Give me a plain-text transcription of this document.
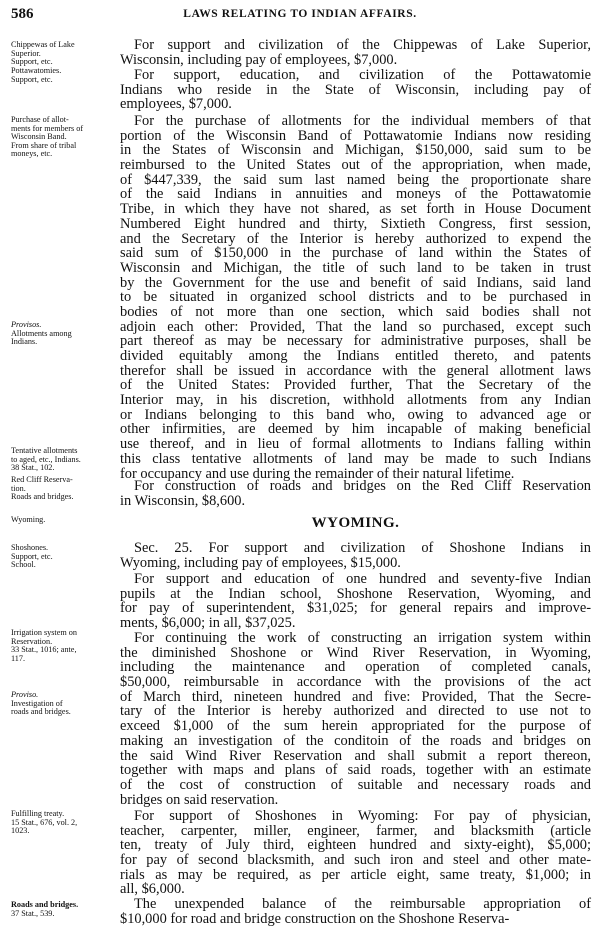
586	LAWS RELATING TO INDIAN AFFAIRS.
WYOMING.
Chippewas of Lake
Superior.
Support, etc.
Pottawatomies.
Support, etc.
Purchase of allot-
ments for members of
Wisconsin Band.
From share of tribal
moneys, etc.
Provisos.
Allotments among
Indians.
Tentative allotments
to aged, etc., Indians.
38 Stat., 102.
Red Cliff Reserva-
tion.
Roads and bridges.
Wyoming.
Shoshones.
Support, etc.
School.
Irrigation system on
Reservation.
33 Stat., 1016; ante,
117.
Proviso.
Investigation of
roads and bridges.
Fulfilling treaty.
15 Stat., 676, vol. 2,
1023.
Roads and bridges.
37 Stat., 539.
For support and civilization of the Chippewas of Lake Superior,
Wisconsin, including pay of employees, $7,000.
For support, education, and civilization of the Pottawatomie
Indians who reside in the State of Wisconsin, including pay of
employees, $7,000.
For the purchase of allotments for the individual members of that
portion of the Wisconsin Band of Pottawatomie Indians now residing
in the States of Wisconsin and Michigan, $150,000, said sum to be
reimbursed to the United States out of the appropriation, when made,
of $447,339, the said sum last named being the proportionate share
of the said Indians in annuities and moneys of the Pottawatomie
Tribe, in which they have not shared, as set forth in House Document
Numbered Eight hundred and thirty, Sixtieth Congress, first session,
and the Secretary of the Interior is hereby authorized to expend the
said sum of $150,000 in the purchase of land within the States of
Wisconsin and Michigan, the title of such land to be taken in trust
by the Government for the use and benefit of said Indians, said land
to be situated in organized school districts and to be purchased in
bodies of not more than one section, which said bodies shall not
adjoin each other: Provided, That the land so purchased, except such
part thereof as may be necessary for administrative purposes, shall be
divided equitably among the Indians entitled thereto, and patents
therefor shall be issued in accordance with the general allotment laws
of the United States: Provided further, That the Secretary of the
Interior may, in his discretion, withhold allotments from any Indian
or Indians belonging to this band who, owing to advanced age or
other infirmities, are deemed by him incapable of making beneficial
use thereof, and in lieu of formal allotments to Indians falling within
this class tentative allotments of land may be made to such Indians
for occupancy and use during the remainder of their natural lifetime.
For construction of roads and bridges on the Red Cliff Reservation
in Wisconsin, $8,600.
Sec. 25. For support and civilization of Shoshone Indians in
Wyoming, including pay of employees, $15,000.
For support and education of one hundred and seventy-five Indian
pupils at the Indian school, Shoshone Reservation, Wyoming, and
for pay of superintendent, $31,025; for general repairs and improve-
ments, $6,000; in all, $37,025.
For continuing the work of constructing an irrigation system within
the diminished Shoshone or Wind River Reservation, in Wyoming,
including the maintenance and operation of completed canals,
$50,000, reimbursable in accordance with the provisions of the act
of March third, nineteen hundred and five: Provided, That the Secre-
tary of the Interior is hereby authorized and directed to use not to
exceed $1,000 of the sum herein appropriated for the purpose of
making an investigation of the conditoin of the roads and bridges on
the said Wind River Reservation and shall submit a report thereon,
together with maps and plans of said roads, together with an estimate
of the cost of construction of suitable and necessary roads and
bridges on said reservation.
For support of Shoshones in Wyoming: For pay of physician,
teacher, carpenter, miller, engineer, farmer, and blacksmith (article
ten, treaty of July third, eighteen hundred and sixty-eight), $5,000;
for pay of second blacksmith, and such iron and steel and other mate-
rials as may be required, as per article eight, same treaty, $1,000; in
all, $6,000.
The unexpended balance of the reimbursable appropriation of
$10,000 for road and bridge construction on the Shoshone Reserva-
